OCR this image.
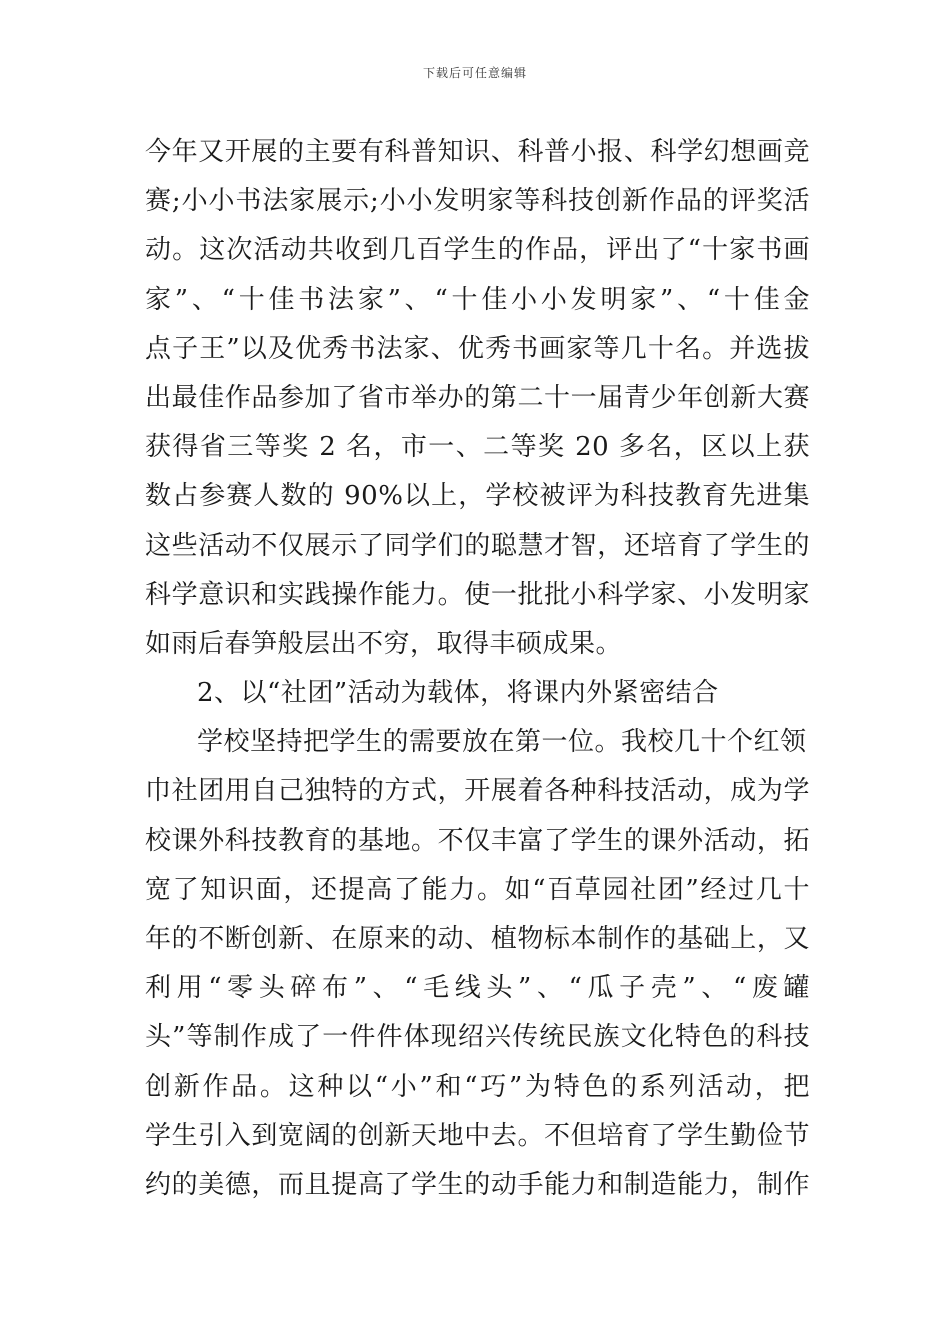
下载后可任意编辑
今年又开展的主要有科普知识、科普小报、科学幻想画竞
赛;小小书法家展示;小小发明家等科技创新作品的评奖活
动。这次活动共收到几百学生的作品，评出了“十家书画
家”、“十佳书法家”、“十佳小小发明家”、“十佳金
点子王”以及优秀书法家、优秀书画家等几十名。并选拔
出最佳作品参加了省市举办的第二十一届青少年创新大赛
获得省三等奖 2 名，市一、二等奖 20 多名，区以上获
数占参赛人数的 90%以上，学校被评为科技教育先进集
这些活动不仅展示了同学们的聪慧才智，还培育了学生的
科学意识和实践操作能力。使一批批小科学家、小发明家
如雨后春笋般层出不穷，取得丰硕成果。
2、以“社团”活动为载体，将课内外紧密结合
学校坚持把学生的需要放在第一位。我校几十个红领
巾社团用自己独特的方式，开展着各种科技活动，成为学
校课外科技教育的基地。不仅丰富了学生的课外活动，拓
宽了知识面，还提高了能力。如“百草园社团”经过几十
年的不断创新、在原来的动、植物标本制作的基础上，又
利用“零头碎布”、“毛线头”、“瓜子壳”、“废罐
头”等制作成了一件件体现绍兴传统民族文化特色的科技
创新作品。这种以“小”和“巧”为特色的系列活动，把
学生引入到宽阔的创新天地中去。不但培育了学生勤俭节
约的美德，而且提高了学生的动手能力和制造能力，制作
